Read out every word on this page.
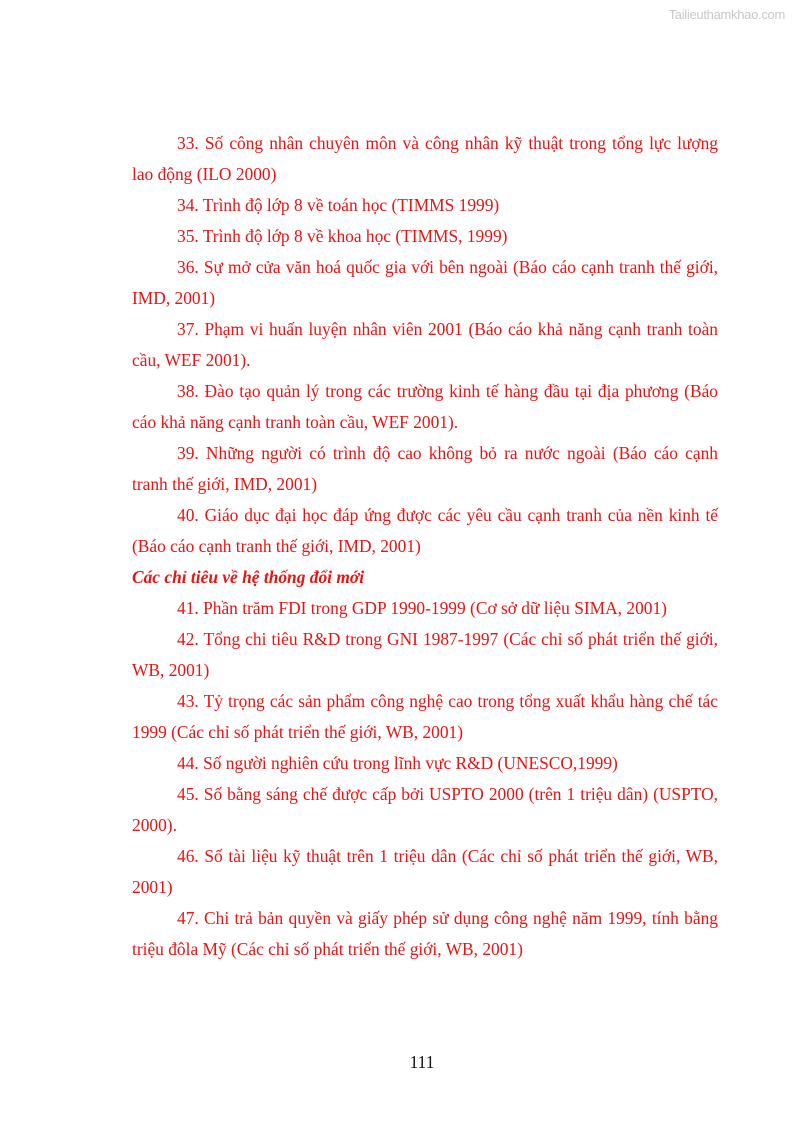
Tailieuthamkhao.com

33. Số công nhân chuyên môn và công nhân kỹ thuật trong tổng lực lượng lao động (ILO 2000)

34. Trình độ lớp 8 về toán học (TIMMS 1999)

35. Trình độ lớp 8 về khoa học (TIMMS, 1999)

36. Sự mở cửa văn hoá quốc gia với bên ngoài (Báo cáo cạnh tranh thế giới, IMD, 2001)

37. Phạm vi huấn luyện nhân viên 2001 (Báo cáo khả năng cạnh tranh toàn cầu, WEF 2001).

38. Đào tạo quản lý trong các trường kinh tế hàng đầu tại địa phương (Báo cáo khả năng cạnh tranh toàn cầu, WEF 2001).

39. Những người có trình độ cao không bỏ ra nước ngoài (Báo cáo cạnh tranh thế giới, IMD, 2001)

40. Giáo dục đại học đáp ứng được các yêu cầu cạnh tranh của nền kinh tế (Báo cáo cạnh tranh thế giới, IMD, 2001)

Các chỉ tiêu về hệ thống đổi mới

41. Phần trăm FDI trong GDP 1990-1999 (Cơ sở dữ liệu SIMA, 2001)

42. Tổng chi tiêu R&D trong GNI 1987-1997 (Các chỉ số phát triển thế giới, WB, 2001)

43. Tỷ trọng các sản phẩm công nghệ cao trong tổng xuất khẩu hàng chế tác 1999 (Các chỉ số phát triển thế giới, WB, 2001)

44. Số người nghiên cứu trong lĩnh vực R&D (UNESCO,1999)

45. Số bằng sáng chế được cấp bởi USPTO 2000 (trên 1 triệu dân) (USPTO, 2000).

46. Số tài liệu kỹ thuật trên 1 triệu dân (Các chỉ số phát triển thế giới, WB, 2001)

47. Chi trả bản quyền và giấy phép sử dụng công nghệ năm 1999, tính bằng triệu đôla Mỹ (Các chỉ số phát triển thế giới, WB, 2001)

111
